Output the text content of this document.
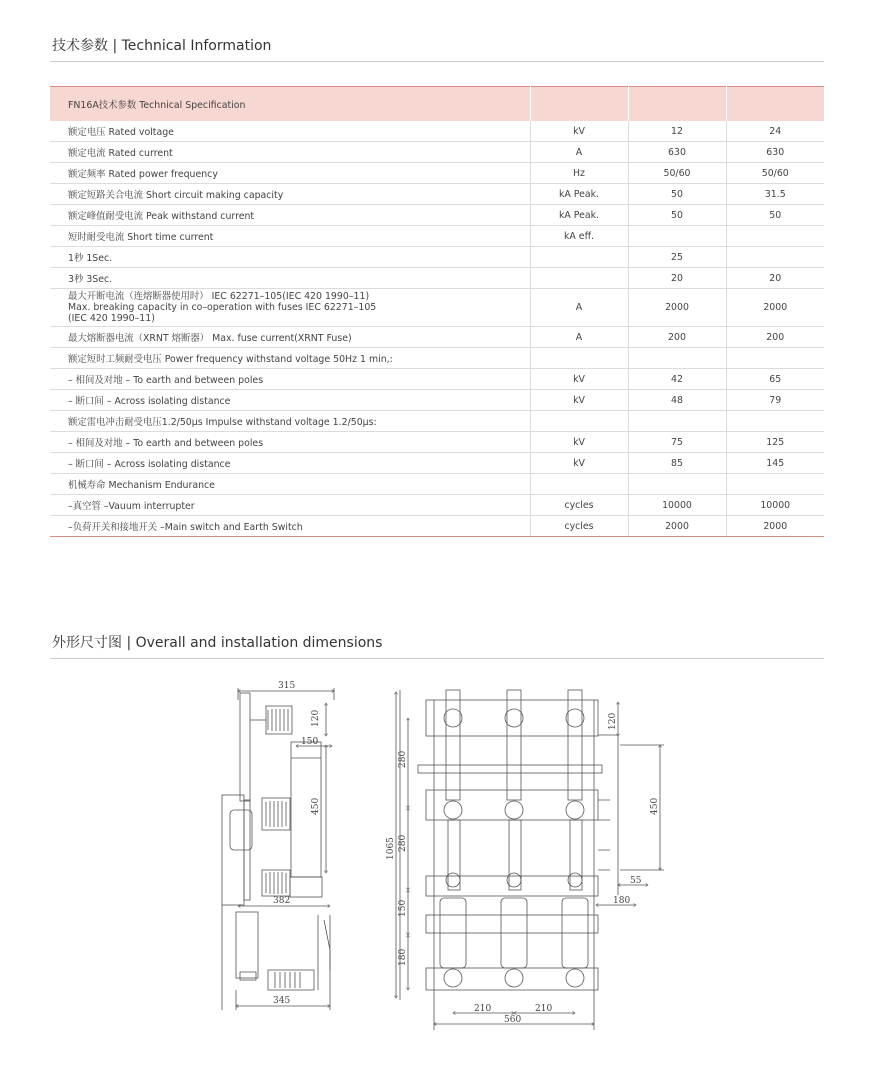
技术参数 | Technical Information
FN16A技术参数 Technical Specification			
额定电压 Rated voltage	kV	12	24
额定电流 Rated current	A	630	630
额定频率 Rated power frequency	Hz	50/60	50/60
额定短路关合电流 Short circuit making capacity	kA Peak.	50	31.5
额定峰值耐受电流 Peak withstand current	kA Peak.	50	50
短时耐受电流 Short time current	kA eff.		
1秒 1Sec.		25	
3秒 3Sec.		20	20

最大开断电流（连熔断器使用时） IEC 62271–105(IEC 420 1990–11)
Max. breaking capacity in co–operation with fuses IEC 62271–105
(IEC 420 1990–11)	A	2000	2000
最大熔断器电流（XRNT 熔断器） Max. fuse current(XRNT Fuse)	A	200	200
额定短时工频耐受电压 Power frequency withstand voltage 50Hz 1 min,:			
– 相间及对地 – To earth and between poles	kV	42	65
– 断口间 – Across isolating distance	kV	48	79
额定雷电冲击耐受电压1.2/50μs Impulse withstand voltage 1.2/50μs:			
– 相间及对地 – To earth and between poles	kV	75	125
– 断口间 – Across isolating distance	kV	85	145
机械寿命 Mechanism Endurance			
–真空管 –Vauum interrupter	cycles	10000	10000
–负荷开关和接地开关 –Main switch and Earth Switch	cycles	2000	2000
外形尺寸图 | Overall and installation dimensions
315
150
382
345
120
450
280
1065 280
150
180
120
450
55
180
210	210
560
